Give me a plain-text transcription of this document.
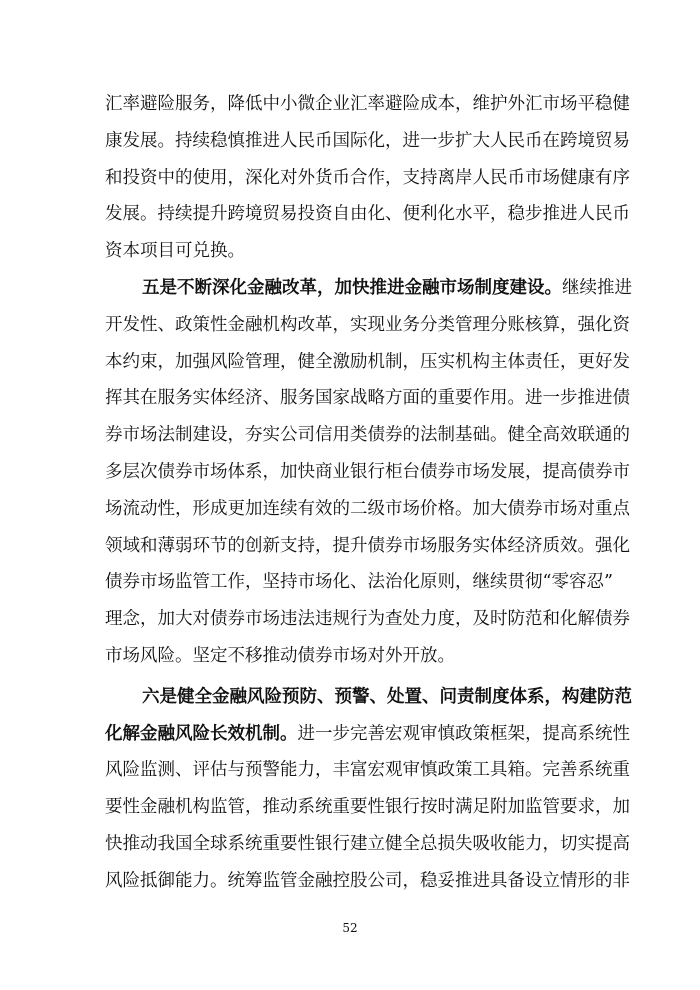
汇率避险服务，降低中小微企业汇率避险成本，维护外汇市场平稳健
康发展。持续稳慎推进人民币国际化，进一步扩大人民币在跨境贸易
和投资中的使用，深化对外货币合作，支持离岸人民币市场健康有序
发展。持续提升跨境贸易投资自由化、便利化水平，稳步推进人民币
资本项目可兑换。
五是不断深化金融改革，加快推进金融市场制度建设。继续推进
开发性、政策性金融机构改革，实现业务分类管理分账核算，强化资
本约束，加强风险管理，健全激励机制，压实机构主体责任，更好发
挥其在服务实体经济、服务国家战略方面的重要作用。进一步推进债
券市场法制建设，夯实公司信用类债券的法制基础。健全高效联通的
多层次债券市场体系，加快商业银行柜台债券市场发展，提高债券市
场流动性，形成更加连续有效的二级市场价格。加大债券市场对重点
领域和薄弱环节的创新支持，提升债券市场服务实体经济质效。强化
债券市场监管工作，坚持市场化、法治化原则，继续贯彻“零容忍”
理念，加大对债券市场违法违规行为查处力度，及时防范和化解债券
市场风险。坚定不移推动债券市场对外开放。
六是健全金融风险预防、预警、处置、问责制度体系，构建防范
化解金融风险长效机制。进一步完善宏观审慎政策框架，提高系统性
风险监测、评估与预警能力，丰富宏观审慎政策工具箱。完善系统重
要性金融机构监管，推动系统重要性银行按时满足附加监管要求，加
快推动我国全球系统重要性银行建立健全总损失吸收能力，切实提高
风险抵御能力。统筹监管金融控股公司，稳妥推进具备设立情形的非
52
